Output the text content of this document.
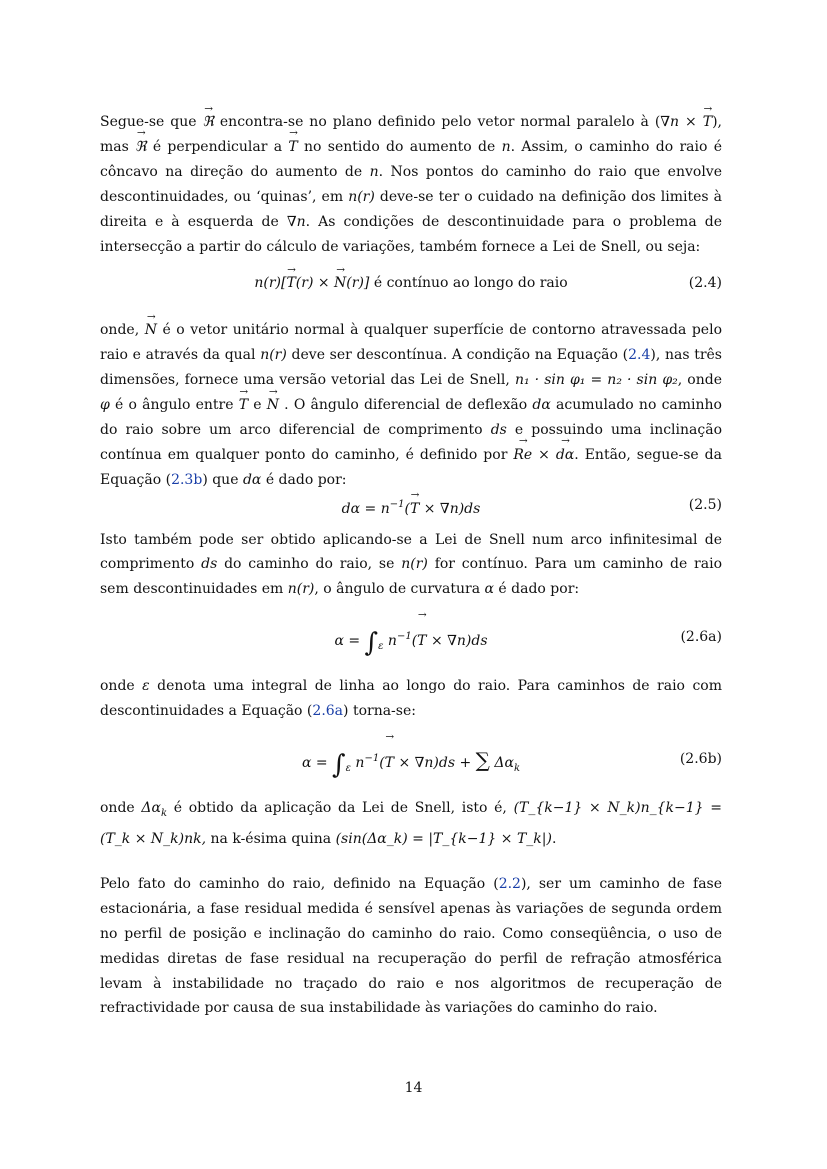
Segue-se que → ℜ encontra-se no plano definido pelo vetor normal paralelo à (∇n × → T), mas → ℜ é perpendicular a → T no sentido do aumento de n. Assim, o caminho do raio é côncavo na direção do aumento de n. Nos pontos do caminho do raio que envolve descontinuidades, ou ‘quinas’, em n(r) deve-se ter o cuidado na definição dos limites à direita e à esquerda de ∇n. As condições de descontinuidade para o problema de intersecção a partir do cálculo de variações, também fornece a Lei de Snell, ou seja:

n(r)[→ T(r) × → N(r)] é contínuo ao longo do raio	(2.4)

onde, → N é o vetor unitário normal à qualquer superfície de contorno atravessada pelo raio e através da qual n(r) deve ser descontínua. A condição na Equação (2.4), nas três dimensões, fornece uma versão vetorial das Lei de Snell, n₁ · sin φ₁ = n₂ · sin φ₂, onde φ é o ângulo entre → T e → N . O ângulo diferencial de deflexão dα acumulado no caminho do raio sobre um arco diferencial de comprimento ds e possuindo uma inclinação contínua em qualquer ponto do caminho, é definido por → Re × → dα. Então, segue-se da Equação (2.3b) que dα é dado por:

$d\alpha = n^{-1}(\to T \times \nabla n)ds$	(2.5)

Isto também pode ser obtido aplicando-se a Lei de Snell num arco infinitesimal de comprimento ds do caminho do raio, se n(r) for contínuo. Para um caminho de raio sem descontinuidades em n(r), o ângulo de curvatura α é dado por:

$\alpha = \int_\varepsilon$ $n^{-1}(\to T \times \nabla n)ds$	(2.6a)

onde ε denota uma integral de linha ao longo do raio. Para caminhos de raio com descontinuidades a Equação (2.6a) torna-se:

$\alpha = \int_\varepsilon$ $n^{-1}(\to T \times \nabla n)ds$ + ∑ $\Delta\alpha_k$
(2.6b)

onde $\Delta\alpha_k$ é obtido da aplicação da Lei de Snell, isto é, (T_{k−1} × N_k)n_{k−1} = (T_k × N_k)nk, na k-ésima quina (sin(Δα_k) = |T_{k−1} × T_k|).

Pelo fato do caminho do raio, definido na Equação (2.2), ser um caminho de fase estacionária, a fase residual medida é sensível apenas às variações de segunda ordem no perfil de posição e inclinação do caminho do raio. Como conseqüência, o uso de medidas diretas de fase residual na recuperação do perfil de refração atmosférica levam à instabilidade no traçado do raio e nos algoritmos de recuperação de refractividade por causa de sua instabilidade às variações do caminho do raio.

14
